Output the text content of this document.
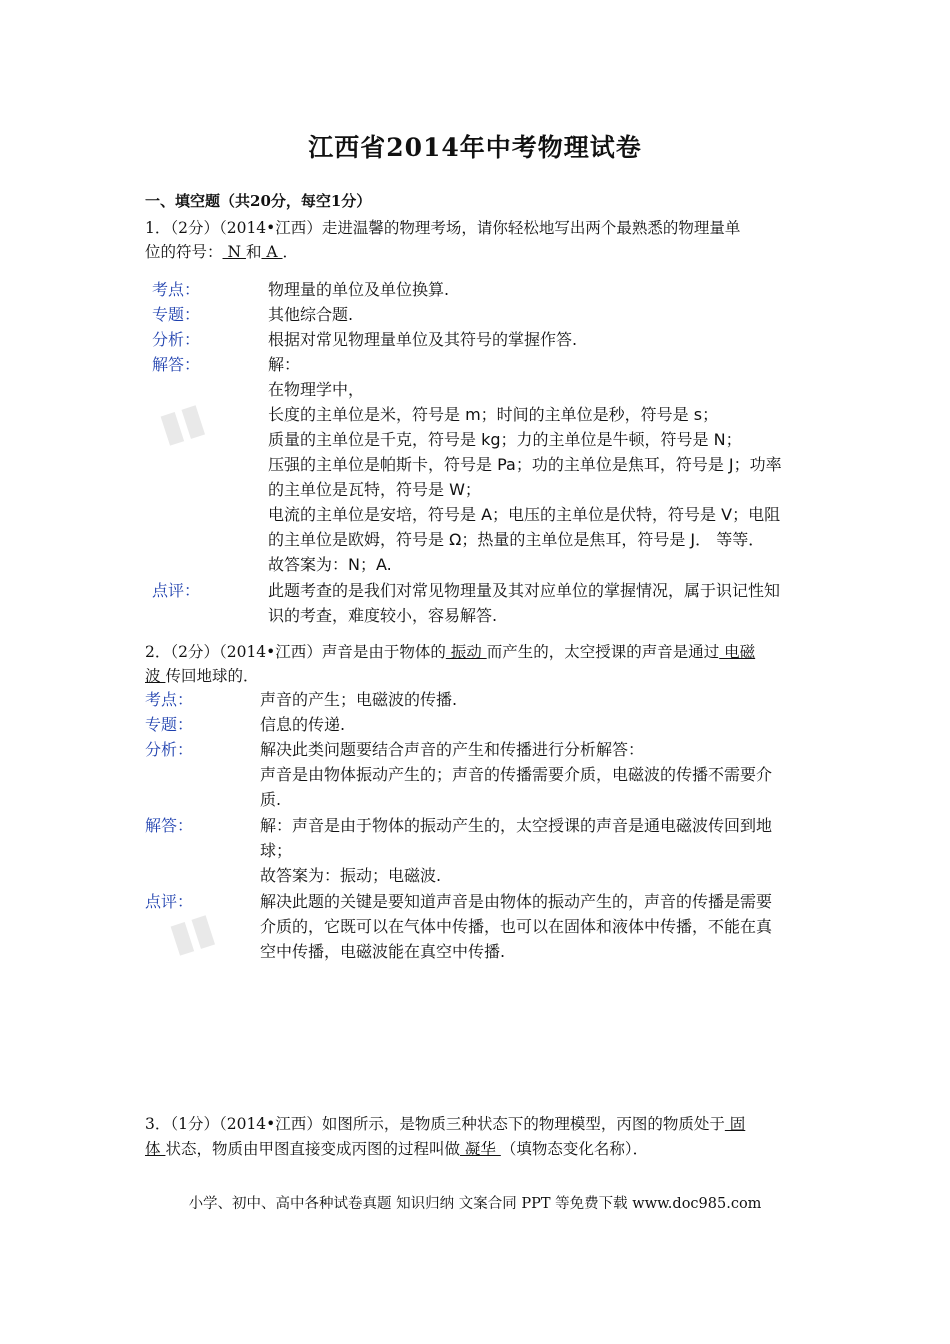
▮▮
▮▮
江西省2014年中考物理试卷
一、填空题（共20分，每空1分）
1．（2分）（2014•江西）走进温馨的物理考场，请你轻松地写出两个最熟悉的物理量单
位的符号： N 和 A ．
考点：	物理量的单位及单位换算.
专题：	其他综合题.
分析：	根据对常见物理量单位及其符号的掌握作答.
解答：	解：
在物理学中，
长度的主单位是米，符号是 m；时间的主单位是秒，符号是 s；
质量的主单位是千克，符号是 kg；力的主单位是牛顿，符号是 N；
压强的主单位是帕斯卡，符号是 Pa；功的主单位是焦耳，符号是 J；功率
的主单位是瓦特，符号是 W；
电流的主单位是安培，符号是 A；电压的主单位是伏特，符号是 V；电阻
的主单位是欧姆，符号是 Ω；热量的主单位是焦耳，符号是 J． 等等．
故答案为：N；A.
点评：	此题考查的是我们对常见物理量及其对应单位的掌握情况，属于识记性知
识的考查，难度较小，容易解答.
2．（2分）（2014•江西）声音是由于物体的 振动 而产生的，太空授课的声音是通过 电磁
波 传回地球的．
考点：	声音的产生；电磁波的传播.
专题：	信息的传递.
分析：	解决此类问题要结合声音的产生和传播进行分析解答：
声音是由物体振动产生的；声音的传播需要介质，电磁波的传播不需要介
质.
解答：	解：声音是由于物体的振动产生的，太空授课的声音是通电磁波传回到地
球；
故答案为：振动；电磁波.
点评：	解决此题的关键是要知道声音是由物体的振动产生的，声音的传播是需要
介质的，它既可以在气体中传播，也可以在固体和液体中传播，不能在真
空中传播，电磁波能在真空中传播.
3．（1分）（2014•江西）如图所示，是物质三种状态下的物理模型，丙图的物质处于 固
体 状态，物质由甲图直接变成丙图的过程叫做 凝华 （填物态变化名称）．
小学、初中、高中各种试卷真题 知识归纳 文案合同 PPT 等免费下载 www.doc985.com
